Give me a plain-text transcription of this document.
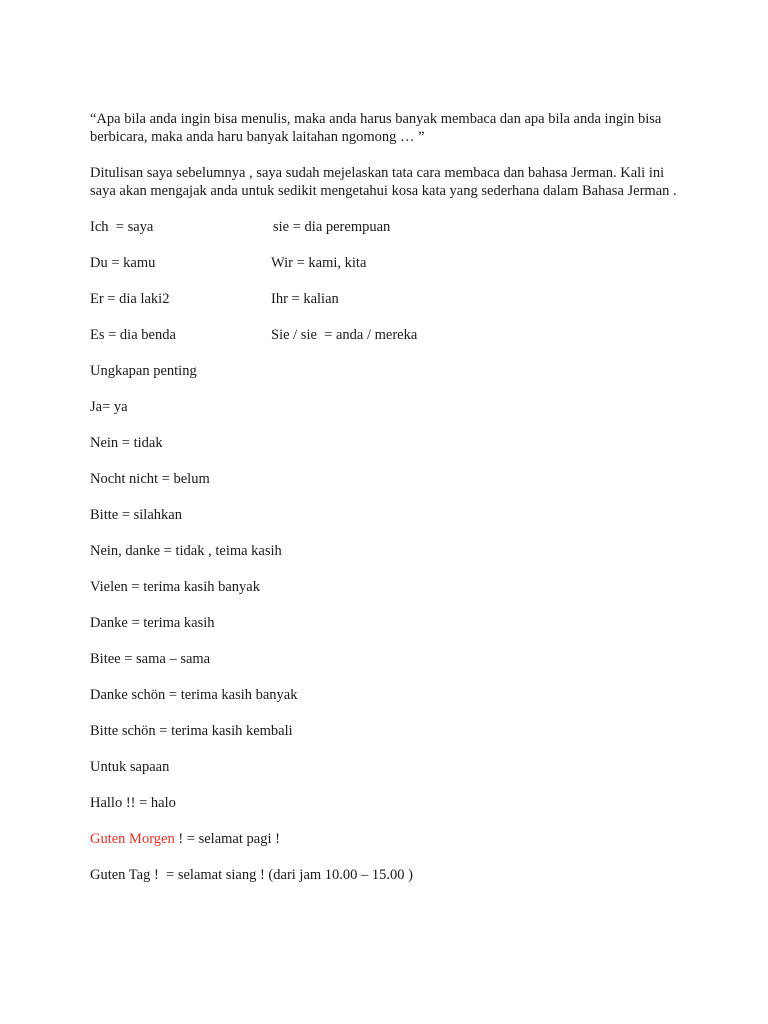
“Apa bila anda ingin bisa menulis, maka anda harus banyak membaca dan apa bila anda ingin bisa berbicara, maka anda haru banyak laitahan ngomong … ”

Ditulisan saya sebelumnya , saya sudah mejelaskan tata cara membaca dan bahasa Jerman. Kali ini saya akan mengajak anda untuk sedikit mengetahui kosa kata yang sederhana dalam Bahasa Jerman .

Ich  = saya	sie = dia perempuan
Du = kamu	Wir = kami, kita
Er = dia laki2	Ihr = kalian
Es = dia benda	Sie / sie  = anda / mereka
Ungkapan penting
Ja= ya
Nein = tidak
Nocht nicht = belum
Bitte = silahkan
Nein, danke = tidak , teima kasih
Vielen = terima kasih banyak
Danke = terima kasih
Bitee = sama – sama
Danke schön = terima kasih banyak
Bitte schön = terima kasih kembali
Untuk sapaan
Hallo !! = halo
Guten Morgen ! = selamat pagi !
Guten Tag !  = selamat siang ! (dari jam 10.00 – 15.00 )
